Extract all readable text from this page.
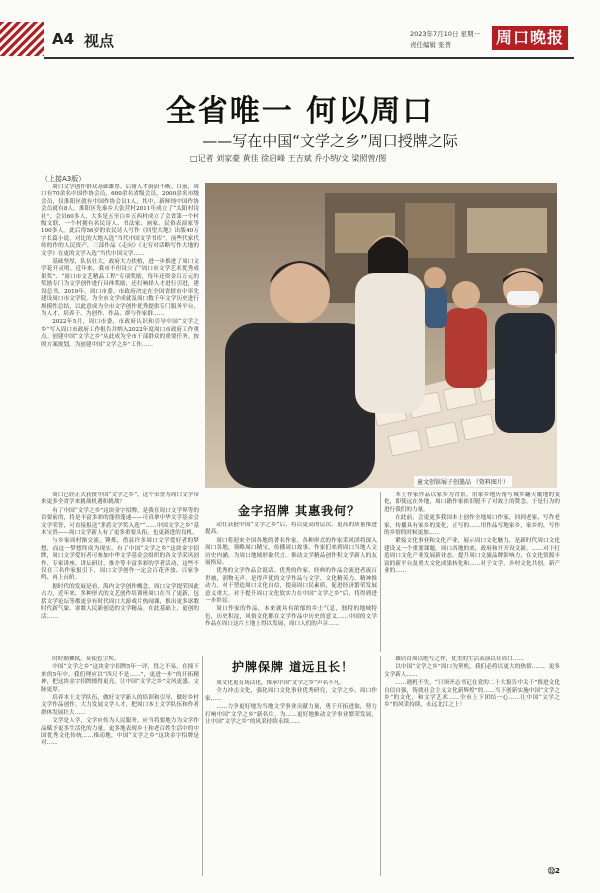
A4 视点	2023年7月10日 星期一
责任编辑 张普	周口晚报
全省唯一 何以周口
——写在中国“文学之乡”周口授牌之际
□记者 刘家豪 黄佳 徐启峰 王吉斌 乔小纳/文 梁照曾/图
（上接A3版）

周口文学创作群众基础雄厚。后备人才蔚蔚不断。目前，周口有70余名中国作协会员，600余名省级会员，2000余名市级会员，仅淮阳区就有中国作协会员1人，其中，新鲜纯中国作协会员就有8人。淮阳区先秦乡大张营村2011年成立了“太阳村诗社”，会员60多人，大多是五至白乡五西村成立了会省第一个村级文联，一个村拥有名民诗人、书法家、画家。民俗表演家等100多人。此后得56岁的农民诗人写作《回望大地》出版40万字长篇小说，对比的大地入选“当代中国文学书库”，前些代家代传的作的人民资产，三部作品《走向》《无穷对话略写作大地的文学》在更的文学入选“当代中国文学……

基础坚厚，队伍壮大，政府大力扶植，进一步推进了周口文学花开灵明。近年来，我市不但设立了“周口市文学艺术优秀成果奖”、“周口市文艺精品工程”专项奖励，每年还资金百万元的奖励专门为文学创作进行具体奖励，还打响择人才进行引进，建设总书。2019年，周口市委、市政府决定在全国省辖市中率先建设周口市文学院，为全市文学成就及周口数千年文学历史进行规模性总结，以此意成为全市文学创作优秀提供专门服务平台，为人才、培养于、为创作、作品、群与作家群……

2022年5月，周口市委、市政府认识和引导中国“文学之乡”写入周口市政府工作报告并纳入2022年度周口市政府工作重点。创建中国“文学之乡”从此成为全市干部群众的重要任务。按照方案规划，为创建中国“文学之乡”工作……

童文创馆展子创墨品 （资料图片）

周口已经正式获批中国“文学之乡”，这个荣誉为周口文学带来更多全省学来挑战机遇和挑战？

有了中国“文学之乡”这块金字招牌，是我在周口文学界等的首要前的，将是丰富多彩的蓬勃蓬速——可真拿中华文学基金会文学荣誉，可直接报送“茅盾文学奖入选”“……中国文学之乡”基本宝贵——周口文学新人有了更多重要头衔，也更新进的良机。

与乡家周村渐交流，锤炼，借县许多周口文学爱好者的梦想，而这一梦想终成为现实。有了中国“文学之乡”这块金字招牌，周口文学爱好者可参加中华文学基金会组织的各文学采风创作、专家讲座、讲坛研讨、推介等丰富多彩的学者活动，这些不仅在三名作家报引下，周口文学创作一定会百花齐放、百家争鸣、再上台阶。

据时代的发展是看，海内文学创作概念，周口文学提荣因此占力。近年来，多种形式的文艺创作培训班周口在当了更新，包括文学论坛等都更享有时代周口大游戏片热闹课，推出更多讴歌时代新气象、讴歌人民新创造的文学精品。在此基础上，更创的活……

金字招牌 其惠我何？

动在获批中国“文学之乡”后，将以更高的层次、更高的质量推进提高。

周口将迎来全国各地的著名作家。各种形式的作家采风团将深入周口各地，领略周口精宝，传播周口故事。作家们来到周口当地人文历史内涵，为周口地域形象代言。推动文学精品创作积文学新人的友展格局。

优秀的文学作品会说话。优秀的作家、经典的作品会流进者流百世被，润物无声。是得声优的文学作品与文学、文化精英力、精神推动力，对于塑造周口文化自信，提高周口民素质，促进经济繁荣发展意义重大。对于提升周口文化软实力在中国“文学之乡”后，将得到进一步彰显。

周口作家的作品，本来就具有浓郁的乡土气息，独特的地域特色，历史积淀，风俗文化都在文学作品中历史的意义……中国的文学作品在周口这片土地上得以发展，周口人们的声音……

本土作家作品以家乡为背景，用家乡地历帮写城乡翻天覆地的变化，即使远在外地，周口籍作家依旧脱不了对故土的赞念，于是行为的进行我们的力量。

在此前，会更更多我国本土创作全地周口作家，回到老家，写作老家，传播具有家乡的变化，正写的……用作品写地家乡，家乡的，写作的乡情的时候更加……

紧接文化事业和文化产业，展示周口文化魅力，是新时代周口文化建设又一个重要课题。周口各地的来，政府和开开设文新，……对于打造周口文化产业发展新业态，提升周口文旅品牌影响力，在文化资源丰富的新平台及重大文化成果转化和……对于文学、乡村文化共创，新产业的……

时时勤拂拭，莫使惹尘埃。

中国“文学之乡”这块金字招牌5年一评，得之不易，在撞下来的5年中，我们理应以“四尺不是……”，更进一步”的开拓精神，把这块金字招牌擦得更亮，让中国“文学之乡”文风更盛、文脉更厚。

培养本土文学队伍，做好文学新人的培训和引导，做好乡村文学作品创作。大力发展文学人才，把周口本土文学队伍和作者群体发展壮大……

文学是人学，文学应传为人民服务。应当将要地力为文学作品赋予更多生活化的力量，更多地表现乡土和老百姓生活中的中国优秀文化传统……推动地，中国“文学之乡”这块金字招牌是对……

护牌保牌 道远且长！

周文化更育场活化，推承中国“文学之乡”声名不凡。

全力冲击文化，强化周口文化事业优秀研究，文学之乡，周口作家……

……力争更好地为当地文学事业贡献力量，勇于开拓进取，努力打响中国“文学之乡”新名片，为……更好地推动文学事业繁荣发展，让中国“文学之乡”的风采持续永续……

雄居首周以绝写之作，优美的生活表演以在周口……

以中国“文学之乡”周口为契机，我们必将以更大的热情……，更多文学新人……

……遇机不失，“只须齐志书记在党的二十大报告中关于”推进文化自信自强，铸就社会主义文化新辉煌”的……当下创新实施中国“文学之乡”的文化，和文学艺术……全市上下团结一心……让中国“文学之乡”的风采持续，永远北江之上！

㉒2
